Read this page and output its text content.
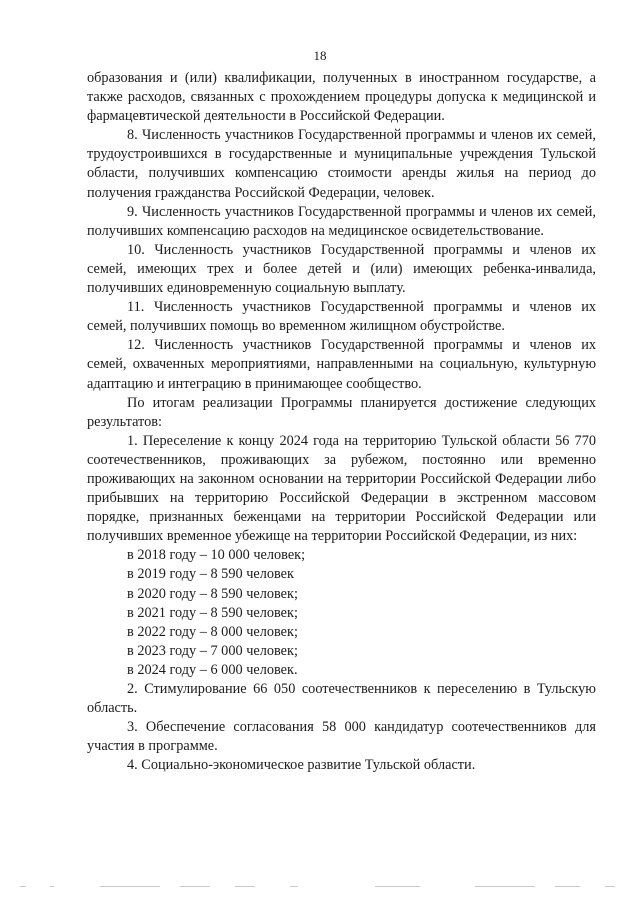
18

образования и (или) квалификации, полученных в иностранном государстве, а также расходов, связанных с прохождением процедуры допуска к медицинской и фармацевтической деятельности в Российской Федерации.

8. Численность участников Государственной программы и членов их семей, трудоустроившихся в государственные и муниципальные учреждения Тульской области, получивших компенсацию стоимости аренды жилья на период до получения гражданства Российской Федерации, человек.

9. Численность участников Государственной программы и членов их семей, получивших компенсацию расходов на медицинское освидетельствование.

10. Численность участников Государственной программы и членов их семей, имеющих трех и более детей и (или) имеющих ребенка-инвалида, получивших единовременную социальную выплату.

11. Численность участников Государственной программы и членов их семей, получивших помощь во временном жилищном обустройстве.

12. Численность участников Государственной программы и членов их семей, охваченных мероприятиями, направленными на социальную, культурную адаптацию и интеграцию в принимающее сообщество.

По итогам реализации Программы планируется достижение следующих результатов:

1. Переселение к концу 2024 года на территорию Тульской области 56 770 соотечественников, проживающих за рубежом, постоянно или временно проживающих на законном основании на территории Российской Федерации либо прибывших на территорию Российской Федерации в экстренном массовом порядке, признанных беженцами на территории Российской Федерации или получивших временное убежище на территории Российской Федерации, из них:

в 2018 году – 10 000 человек;

в 2019 году – 8 590 человек

в 2020 году – 8 590 человек;

в 2021 году – 8 590 человек;

в 2022 году – 8 000 человек;

в 2023 году – 7 000 человек;

в 2024 году – 6 000 человек.

2. Стимулирование 66 050 соотечественников к переселению в Тульскую область.

3. Обеспечение согласования 58 000 кандидатур соотечественников для участия в программе.

4. Социально-экономическое развитие Тульской области.
